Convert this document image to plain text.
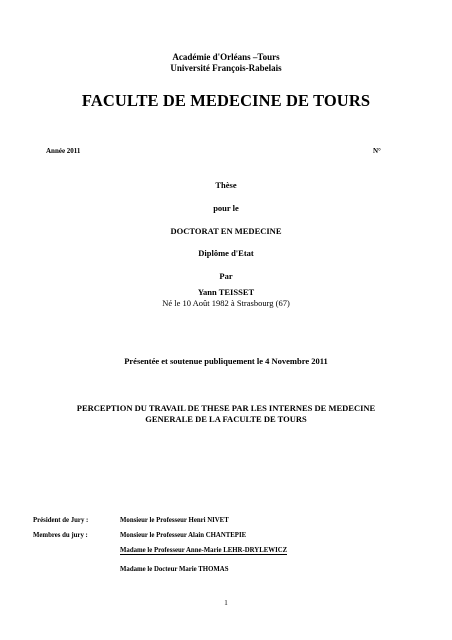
Académie d'Orléans –Tours
Université François-Rabelais
FACULTE DE MEDECINE DE TOURS
Année 2011	N°
Thèse
pour le
DOCTORAT EN MEDECINE
Diplôme d'Etat
Par
Yann TEISSET
Né le 10 Août 1982 à Strasbourg (67)
Présentée et soutenue publiquement le 4 Novembre 2011
PERCEPTION DU TRAVAIL DE THESE PAR LES INTERNES DE MEDECINE
GENERALE DE LA FACULTE DE TOURS
Président de Jury :	Monsieur le Professeur Henri NIVET
Membres du jury :	Monsieur le Professeur Alain CHANTEPIE
Madame le Professeur Anne-Marie LEHR-DRYLEWICZ
Madame le Docteur Marie THOMAS
1
